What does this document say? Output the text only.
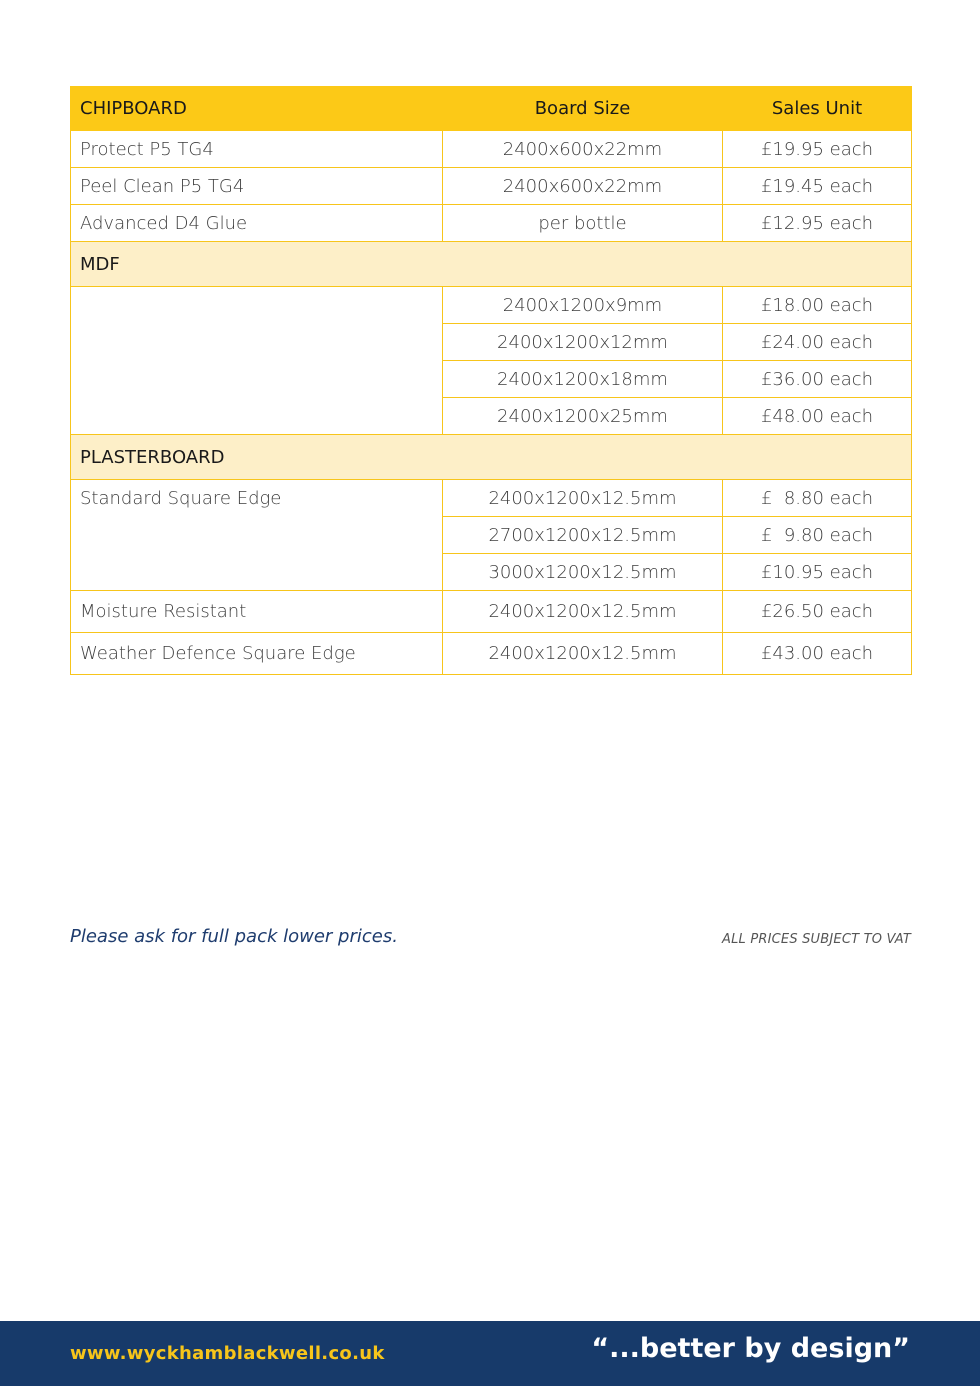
CHIPBOARD	Board Size	Sales Unit
Protect P5 TG4	2400x600x22mm	£19.95 each
Peel Clean P5 TG4	2400x600x22mm	£19.45 each
Advanced D4 Glue	per bottle	£12.95 each
MDF		
	2400x1200x9mm	£18.00 each
	2400x1200x12mm	£24.00 each
	2400x1200x18mm	£36.00 each
	2400x1200x25mm	£48.00 each
PLASTERBOARD		
Standard Square Edge	2400x1200x12.5mm	£  8.80 each
	2700x1200x12.5mm	£  9.80 each
	3000x1200x12.5mm	£10.95 each
Moisture Resistant	2400x1200x12.5mm	£26.50 each
Weather Defence Square Edge	2400x1200x12.5mm	£43.00 each
Please ask for full pack lower prices.	ALL PRICES SUBJECT TO VAT
www.wyckhamblackwell.co.uk	“...better by design”
